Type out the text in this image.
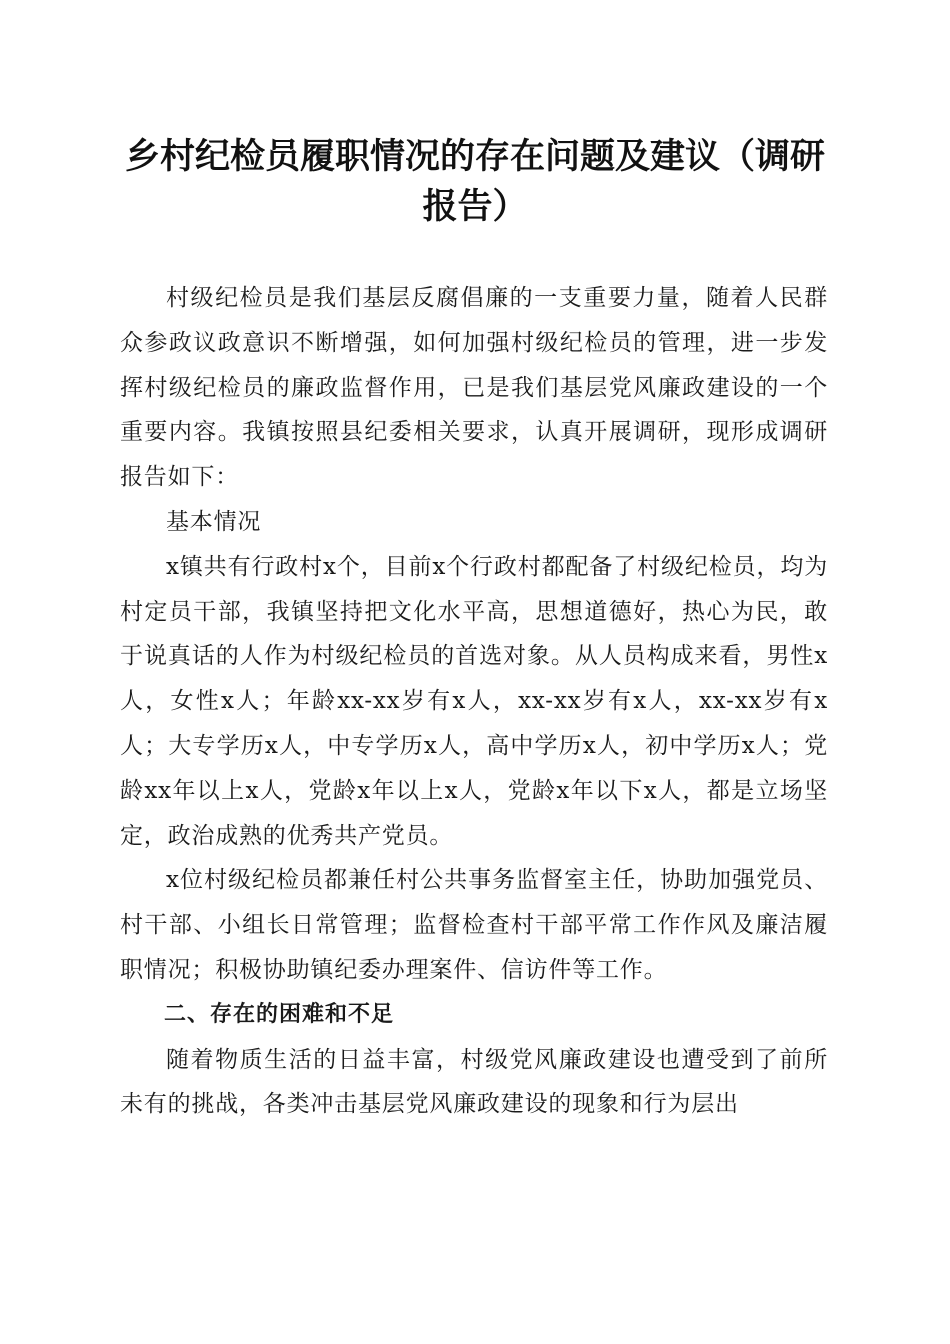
乡村纪检员履职情况的存在问题及建议（调研报告）

村级纪检员是我们基层反腐倡廉的一支重要力量，随着人民群众参政议政意识不断增强，如何加强村级纪检员的管理，进一步发挥村级纪检员的廉政监督作用，已是我们基层党风廉政建设的一个重要内容。我镇按照县纪委相关要求，认真开展调研，现形成调研报告如下：

基本情况

x镇共有行政村x个，目前x个行政村都配备了村级纪检员，均为村定员干部，我镇坚持把文化水平高，思想道德好，热心为民，敢于说真话的人作为村级纪检员的首选对象。从人员构成来看，男性x人，女性x人；年龄xx-xx岁有x人，xx-xx岁有x人，xx-xx岁有x人；大专学历x人，中专学历x人，高中学历x人，初中学历x人；党龄xx年以上x人，党龄x年以上x人，党龄x年以下x人，都是立场坚定，政治成熟的优秀共产党员。

x位村级纪检员都兼任村公共事务监督室主任，协助加强党员、村干部、小组长日常管理；监督检查村干部平常工作作风及廉洁履职情况；积极协助镇纪委办理案件、信访件等工作。

二、存在的困难和不足

随着物质生活的日益丰富，村级党风廉政建设也遭受到了前所未有的挑战，各类冲击基层党风廉政建设的现象和行为层出
